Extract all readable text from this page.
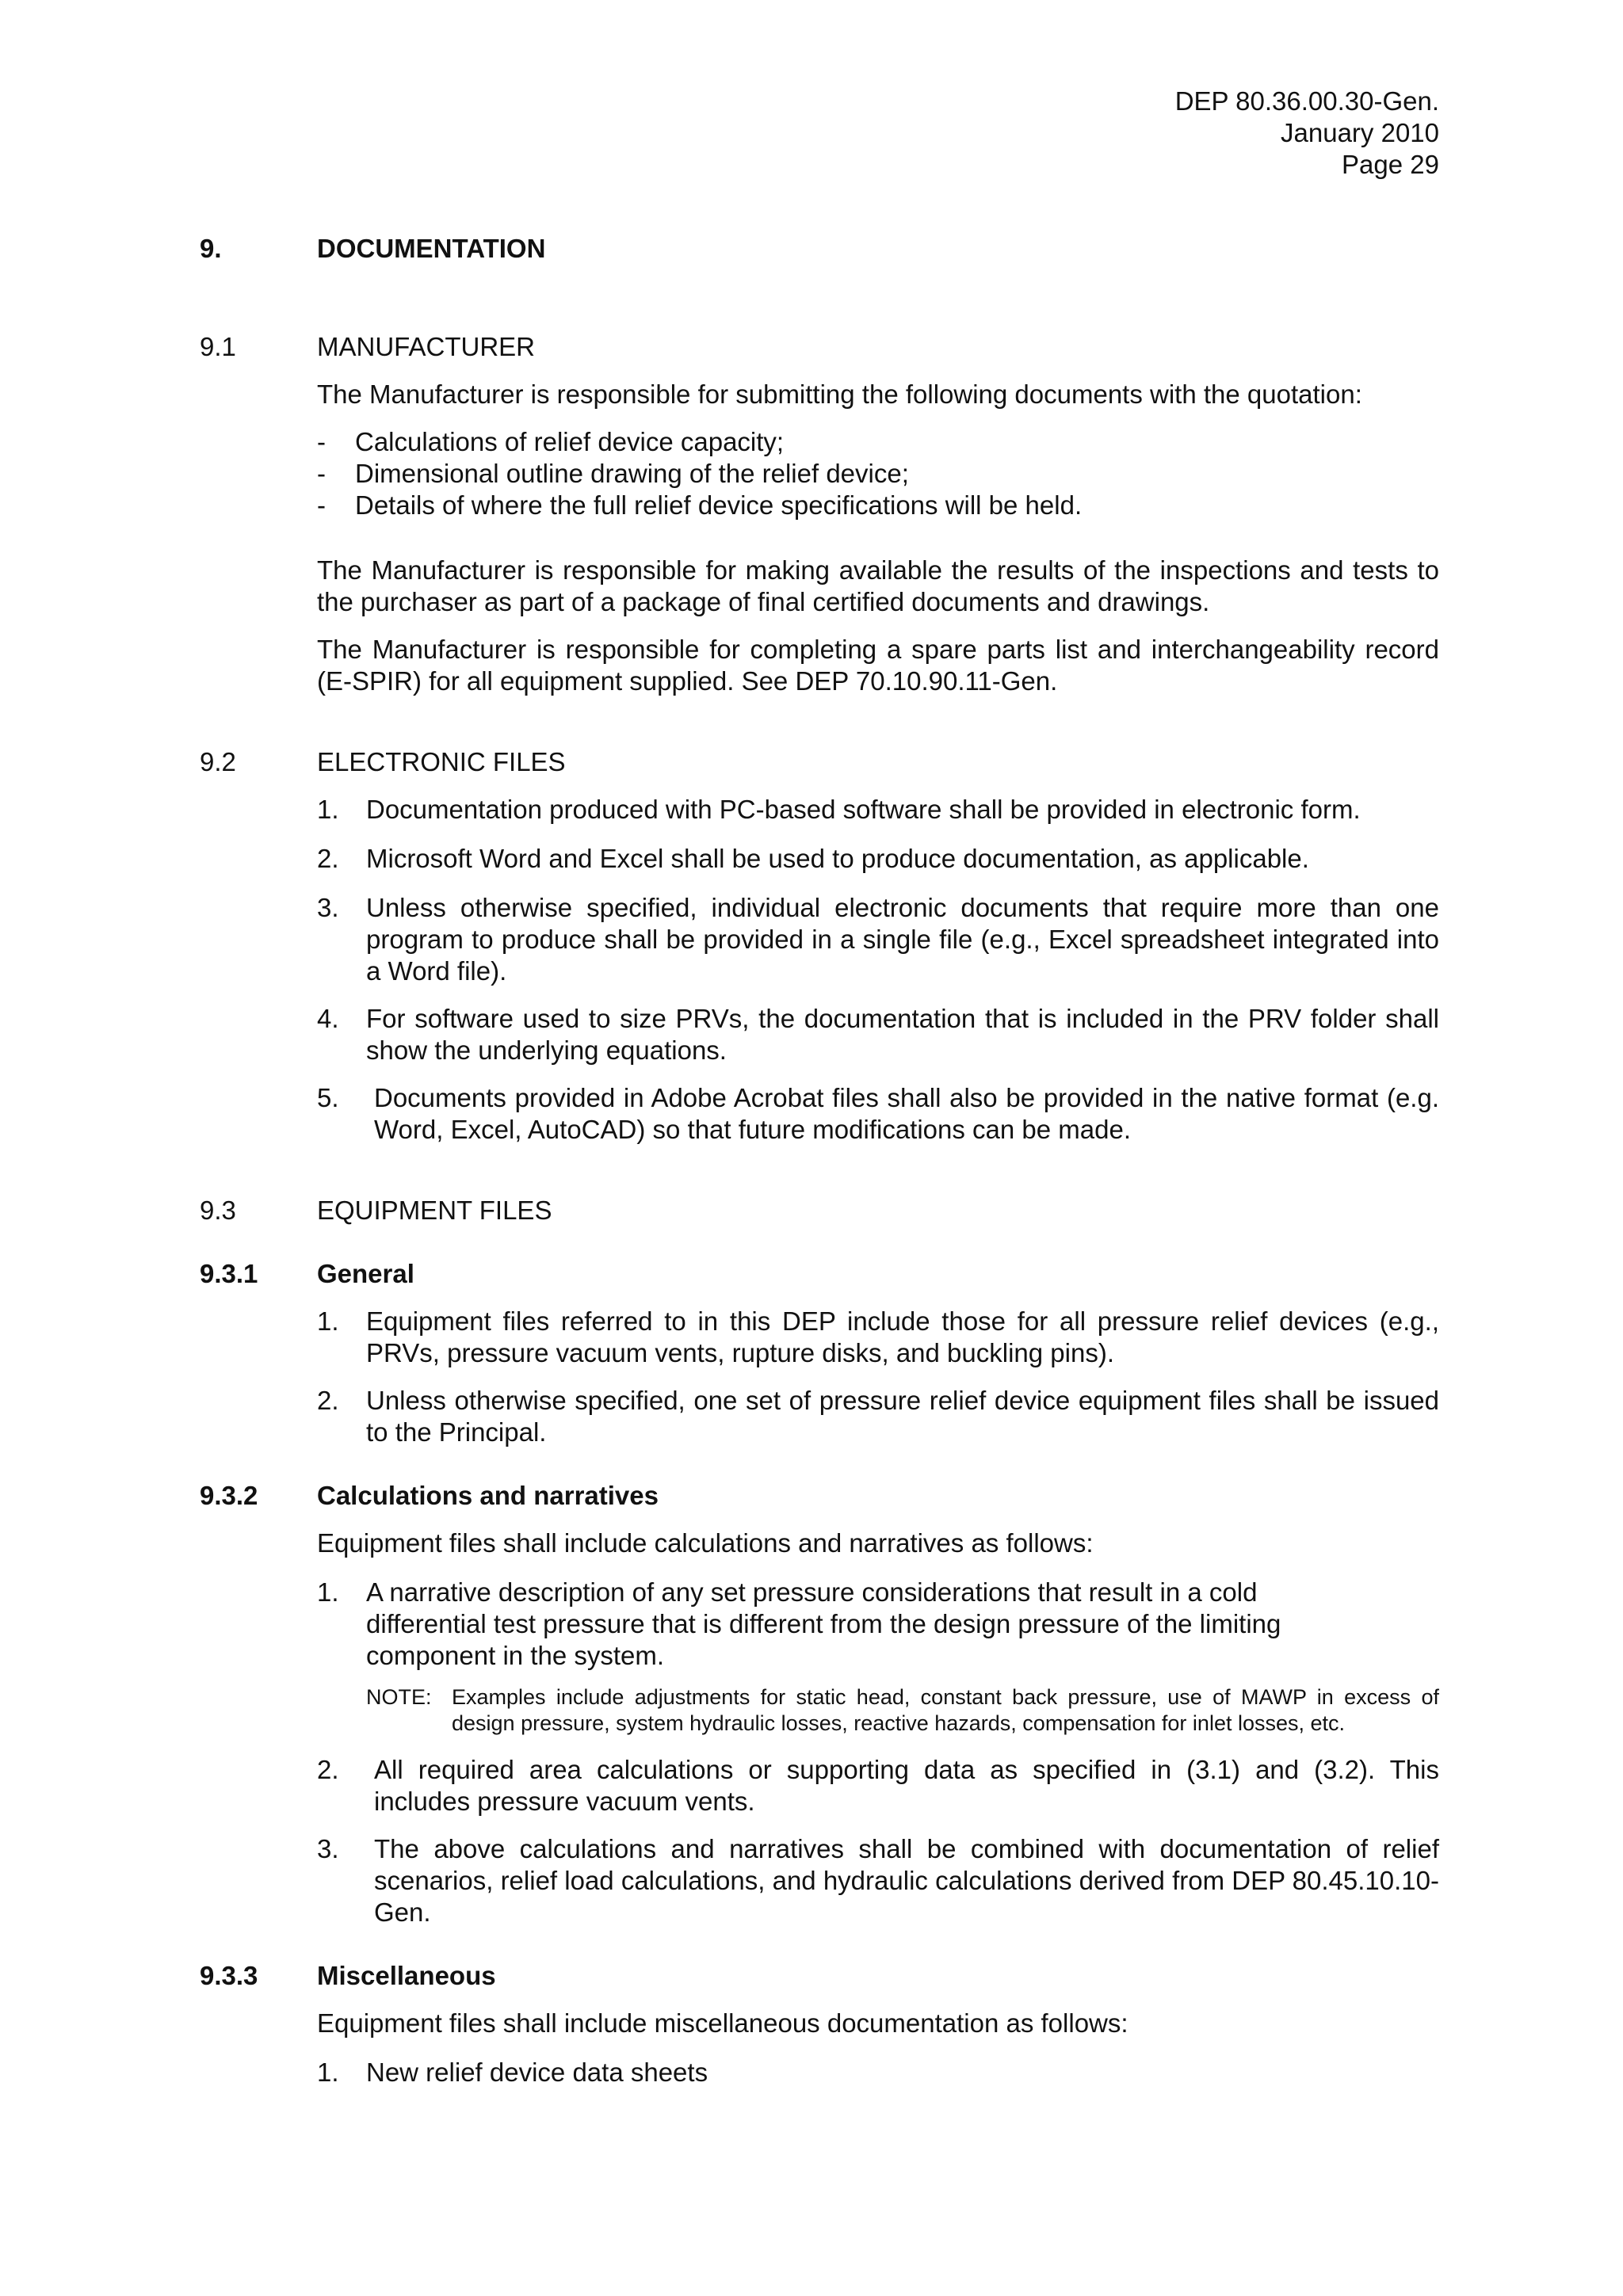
DEP 80.36.00.30-Gen.
January 2010
Page 29
9.	DOCUMENTATION
9.1	MANUFACTURER
The Manufacturer is responsible for submitting the following documents with the quotation:
- Calculations of relief device capacity;
- Dimensional outline drawing of the relief device;
- Details of where the full relief device specifications will be held.
The Manufacturer is responsible for making available the results of the inspections and tests to the purchaser as part of a package of final certified documents and drawings.
The Manufacturer is responsible for completing a spare parts list and interchangeability record (E-SPIR) for all equipment supplied. See DEP 70.10.90.11-Gen.
9.2	ELECTRONIC FILES
1. Documentation produced with PC-based software shall be provided in electronic form.
2. Microsoft Word and Excel shall be used to produce documentation, as applicable.
3. Unless otherwise specified, individual electronic documents that require more than one program to produce shall be provided in a single file (e.g., Excel spreadsheet integrated into a Word file).
4. For software used to size PRVs, the documentation that is included in the PRV folder shall show the underlying equations.
5. Documents provided in Adobe Acrobat files shall also be provided in the native format (e.g. Word, Excel, AutoCAD) so that future modifications can be made.
9.3	EQUIPMENT FILES
9.3.1 General
1. Equipment files referred to in this DEP include those for all pressure relief devices (e.g., PRVs, pressure vacuum vents, rupture disks, and buckling pins).
2. Unless otherwise specified, one set of pressure relief device equipment files shall be issued to the Principal.
9.3.2 Calculations and narratives
Equipment files shall include calculations and narratives as follows:
1. A narrative description of any set pressure considerations that result in a cold differential test pressure that is different from the design pressure of the limiting component in the system.
NOTE: Examples include adjustments for static head, constant back pressure, use of MAWP in excess of design pressure, system hydraulic losses, reactive hazards, compensation for inlet losses, etc.
2. All required area calculations or supporting data as specified in (3.1) and (3.2). This includes pressure vacuum vents.
3. The above calculations and narratives shall be combined with documentation of relief scenarios, relief load calculations, and hydraulic calculations derived from DEP 80.45.10.10-Gen.
9.3.3 Miscellaneous
Equipment files shall include miscellaneous documentation as follows:
1. New relief device data sheets
